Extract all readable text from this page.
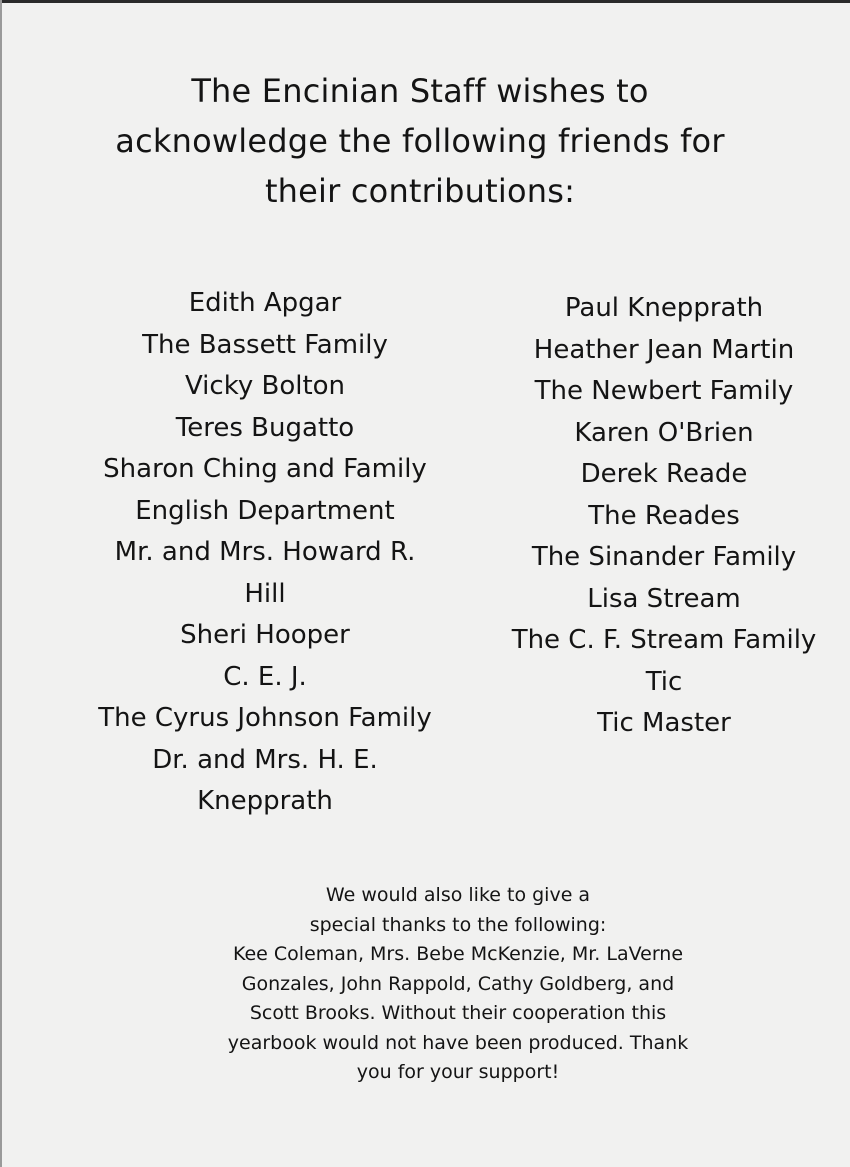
The Encinian Staff wishes to
acknowledge the following friends for
their contributions:
Edith Apgar
The Bassett Family
Vicky Bolton
Teres Bugatto
Sharon Ching and Family
English Department
Mr. and Mrs. Howard R.
Hill
Sheri Hooper
C. E. J.
The Cyrus Johnson Family
Dr. and Mrs. H. E.
Knepprath
Paul Knepprath
Heather Jean Martin
The Newbert Family
Karen O'Brien
Derek Reade
The Reades
The Sinander Family
Lisa Stream
The C. F. Stream Family
Tic
Tic Master
We would also like to give a
special thanks to the following:
Kee Coleman, Mrs. Bebe McKenzie, Mr. LaVerne
Gonzales, John Rappold, Cathy Goldberg, and
Scott Brooks. Without their cooperation this
yearbook would not have been produced. Thank
you for your support!
